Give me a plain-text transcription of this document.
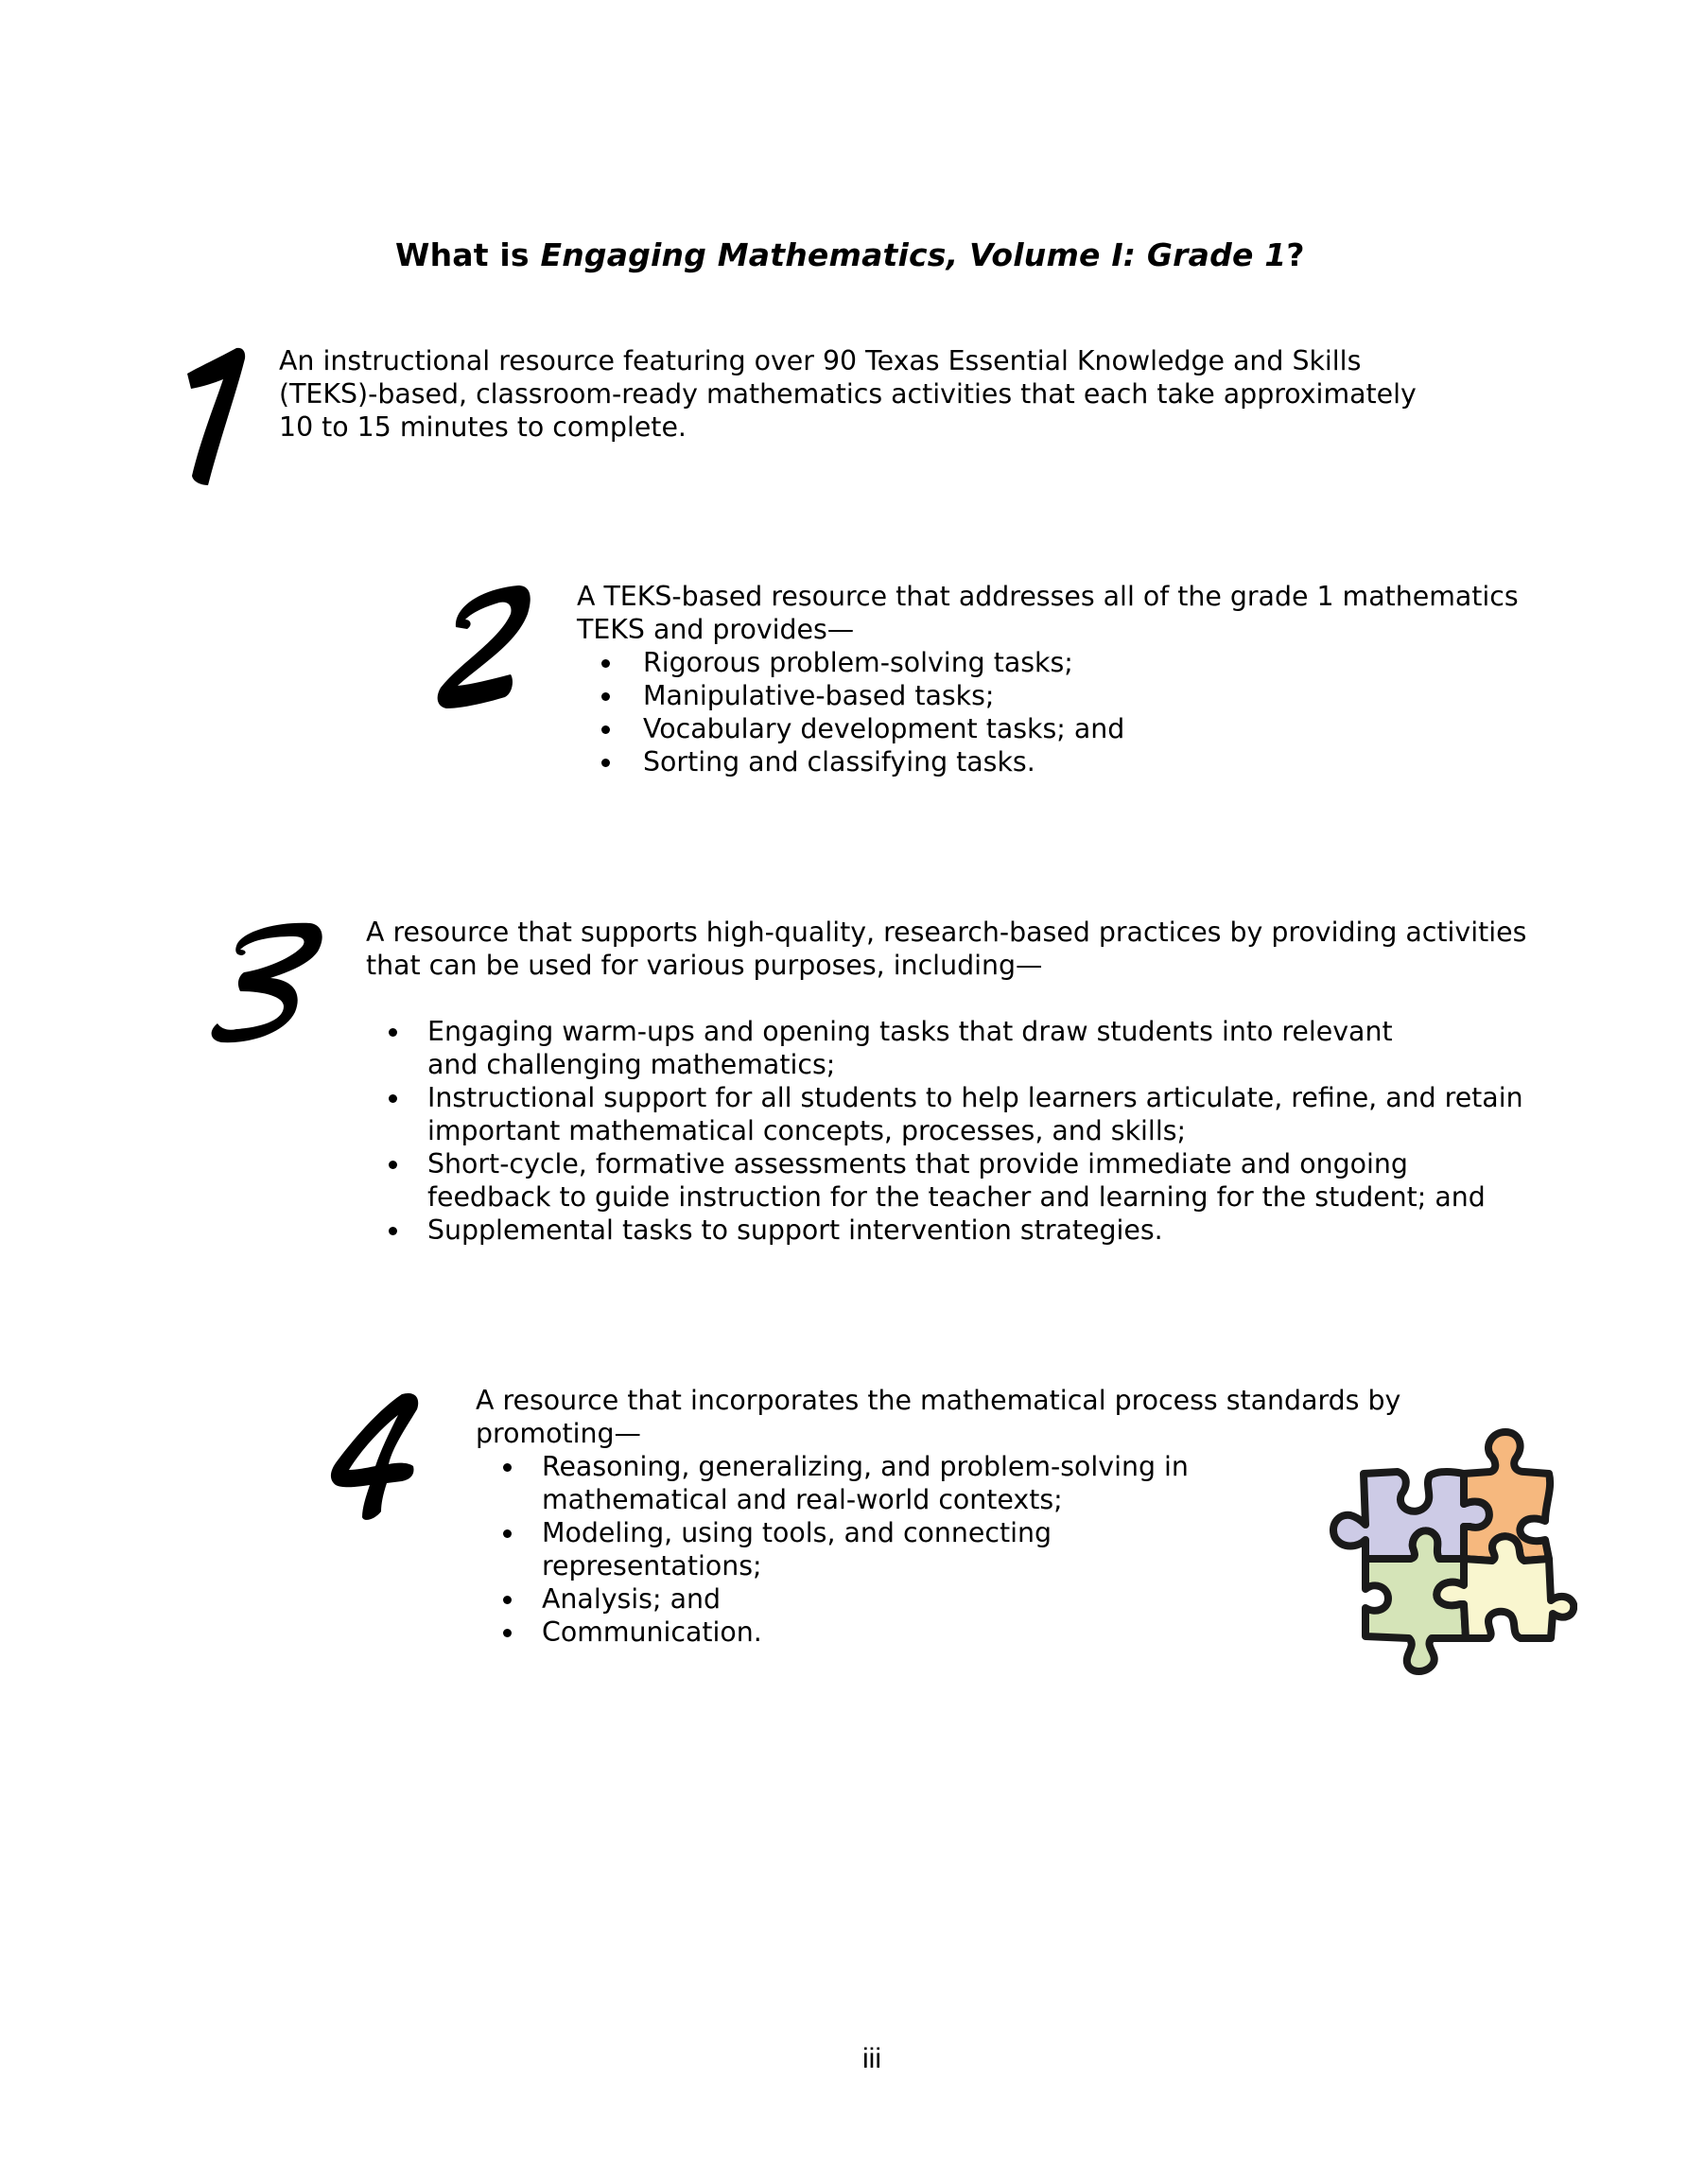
What is Engaging Mathematics, Volume I: Grade 1?
An instructional resource featuring over 90 Texas Essential Knowledge and Skills
(TEKS)-based, classroom-ready mathematics activities that each take approximately
10 to 15 minutes to complete.
A TEKS-based resource that addresses all of the grade 1 mathematics
TEKS and provides—
Rigorous problem-solving tasks;
Manipulative-based tasks;
Vocabulary development tasks; and
Sorting and classifying tasks.
A resource that supports high-quality, research-based practices by providing activities
that can be used for various purposes, including—
Engaging warm-ups and opening tasks that draw students into relevant
and challenging mathematics;
Instructional support for all students to help learners articulate, refine, and retain
important mathematical concepts, processes, and skills;
Short-cycle, formative assessments that provide immediate and ongoing
feedback to guide instruction for the teacher and learning for the student; and
Supplemental tasks to support intervention strategies.
A resource that incorporates the mathematical process standards by
promoting—
Reasoning, generalizing, and problem-solving in
mathematical and real-world contexts;
Modeling, using tools, and connecting
representations;
Analysis; and
Communication.
iii
